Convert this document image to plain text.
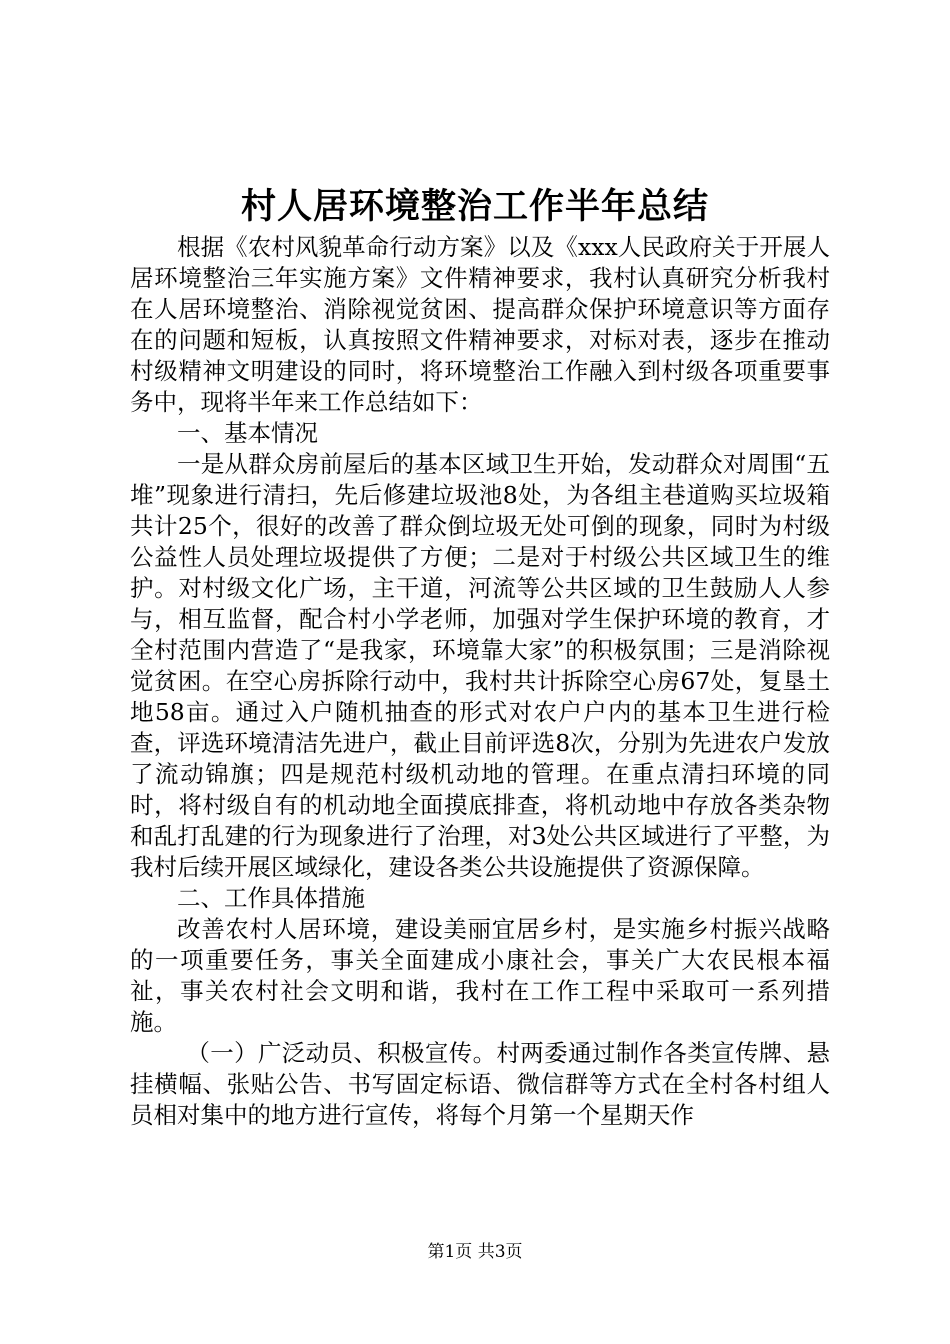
村人居环境整治工作半年总结

根据《农村风貌革命行动方案》以及《xxx人民政府关于开展人居环境整治三年实施方案》文件精神要求，我村认真研究分析我村在人居环境整治、消除视觉贫困、提高群众保护环境意识等方面存在的问题和短板，认真按照文件精神要求，对标对表，逐步在推动村级精神文明建设的同时，将环境整治工作融入到村级各项重要事务中，现将半年来工作总结如下：

一、基本情况

一是从群众房前屋后的基本区域卫生开始，发动群众对周围“五堆”现象进行清扫，先后修建垃圾池8处，为各组主巷道购买垃圾箱共计25个，很好的改善了群众倒垃圾无处可倒的现象，同时为村级公益性人员处理垃圾提供了方便；二是对于村级公共区域卫生的维护。对村级文化广场，主干道，河流等公共区域的卫生鼓励人人参与，相互监督，配合村小学老师，加强对学生保护环境的教育，才全村范围内营造了“是我家，环境靠大家”的积极氛围；三是消除视觉贫困。在空心房拆除行动中，我村共计拆除空心房67处，复垦土地58亩。通过入户随机抽查的形式对农户户内的基本卫生进行检查，评选环境清洁先进户，截止目前评选8次，分别为先进农户发放了流动锦旗；四是规范村级机动地的管理。在重点清扫环境的同时，将村级自有的机动地全面摸底排查，将机动地中存放各类杂物和乱打乱建的行为现象进行了治理，对3处公共区域进行了平整，为我村后续开展区域绿化，建设各类公共设施提供了资源保障。

二、工作具体措施

改善农村人居环境，建设美丽宜居乡村，是实施乡村振兴战略的一项重要任务，事关全面建成小康社会，事关广大农民根本福祉，事关农村社会文明和谐，我村在工作工程中采取可一系列措施。

（一）广泛动员、积极宣传。村两委通过制作各类宣传牌、悬挂横幅、张贴公告、书写固定标语、微信群等方式在全村各村组人员相对集中的地方进行宣传，将每个月第一个星期天作

第1页 共3页
